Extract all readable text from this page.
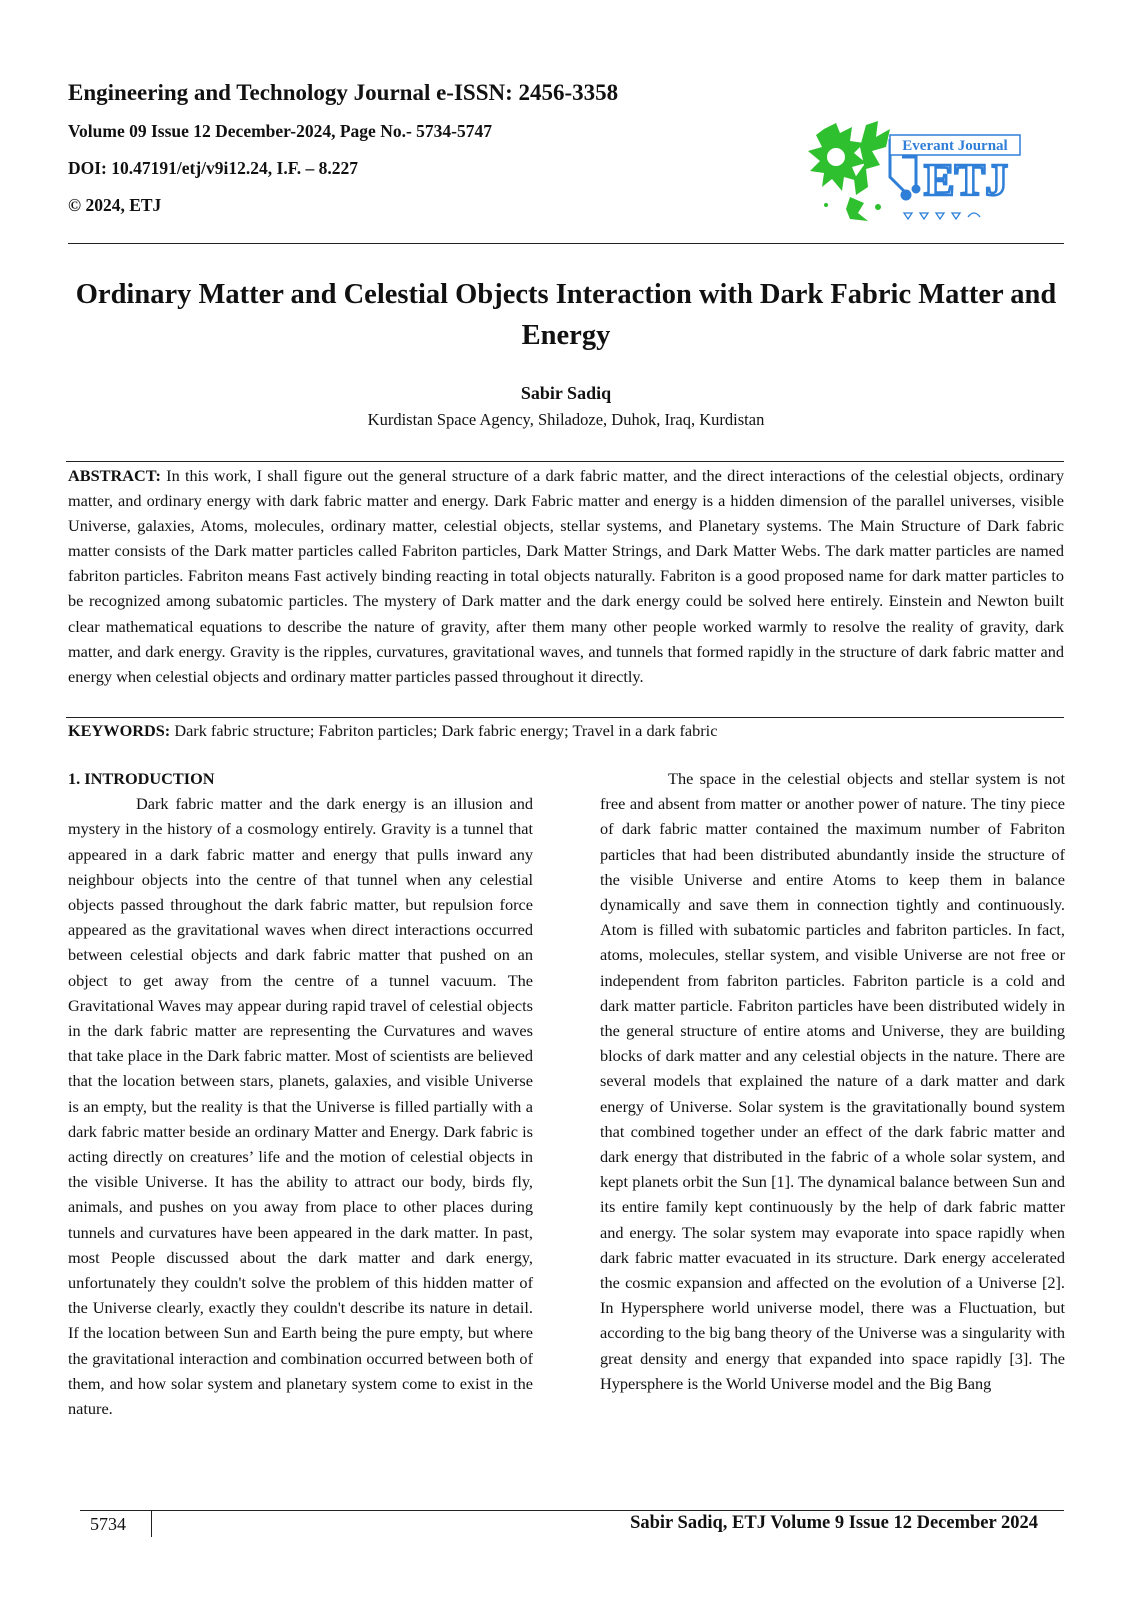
Engineering and Technology Journal e-ISSN: 2456-3358
Volume 09 Issue 12 December-2024, Page No.- 5734-5747
DOI: 10.47191/etj/v9i12.24, I.F. – 8.227
© 2024, ETJ
Everant Journal
ETJ
Ordinary Matter and Celestial Objects Interaction with Dark Fabric Matter and Energy
Sabir Sadiq
Kurdistan Space Agency, Shiladoze, Duhok, Iraq, Kurdistan
ABSTRACT: In this work, I shall figure out the general structure of a dark fabric matter, and the direct interactions of the celestial objects, ordinary matter, and ordinary energy with dark fabric matter and energy. Dark Fabric matter and energy is a hidden dimension of the parallel universes, visible Universe, galaxies, Atoms, molecules, ordinary matter, celestial objects, stellar systems, and Planetary systems. The Main Structure of Dark fabric matter consists of the Dark matter particles called Fabriton particles, Dark Matter Strings, and Dark Matter Webs. The dark matter particles are named fabriton particles. Fabriton means Fast actively binding reacting in total objects naturally. Fabriton is a good proposed name for dark matter particles to be recognized among subatomic particles. The mystery of Dark matter and the dark energy could be solved here entirely. Einstein and Newton built clear mathematical equations to describe the nature of gravity, after them many other people worked warmly to resolve the reality of gravity, dark matter, and dark energy. Gravity is the ripples, curvatures, gravitational waves, and tunnels that formed rapidly in the structure of dark fabric matter and energy when celestial objects and ordinary matter particles passed throughout it directly.
KEYWORDS: Dark fabric structure; Fabriton particles; Dark fabric energy; Travel in a dark fabric
1. INTRODUCTION

Dark fabric matter and the dark energy is an illusion and mystery in the history of a cosmology entirely. Gravity is a tunnel that appeared in a dark fabric matter and energy that pulls inward any neighbour objects into the centre of that tunnel when any celestial objects passed throughout the dark fabric matter, but repulsion force appeared as the gravitational waves when direct interactions occurred between celestial objects and dark fabric matter that pushed on an object to get away from the centre of a tunnel vacuum. The Gravitational Waves may appear during rapid travel of celestial objects in the dark fabric matter are representing the Curvatures and waves that take place in the Dark fabric matter. Most of scientists are believed that the location between stars, planets, galaxies, and visible Universe is an empty, but the reality is that the Universe is filled partially with a dark fabric matter beside an ordinary Matter and Energy. Dark fabric is acting directly on creatures’ life and the motion of celestial objects in the visible Universe. It has the ability to attract our body, birds fly, animals, and pushes on you away from place to other places during tunnels and curvatures have been appeared in the dark matter. In past, most People discussed about the dark matter and dark energy, unfortunately they couldn't solve the problem of this hidden matter of the Universe clearly, exactly they couldn't describe its nature in detail. If the location between Sun and Earth being the pure empty, but where the gravitational interaction and combination occurred between both of them, and how solar system and planetary system come to exist in the nature.

The space in the celestial objects and stellar system is not free and absent from matter or another power of nature. The tiny piece of dark fabric matter contained the maximum number of Fabriton particles that had been distributed abundantly inside the structure of the visible Universe and entire Atoms to keep them in balance dynamically and save them in connection tightly and continuously. Atom is filled with subatomic particles and fabriton particles. In fact, atoms, molecules, stellar system, and visible Universe are not free or independent from fabriton particles. Fabriton particle is a cold and dark matter particle. Fabriton particles have been distributed widely in the general structure of entire atoms and Universe, they are building blocks of dark matter and any celestial objects in the nature. There are several models that explained the nature of a dark matter and dark energy of Universe. Solar system is the gravitationally bound system that combined together under an effect of the dark fabric matter and dark energy that distributed in the fabric of a whole solar system, and kept planets orbit the Sun [1]. The dynamical balance between Sun and its entire family kept continuously by the help of dark fabric matter and energy. The solar system may evaporate into space rapidly when dark fabric matter evacuated in its structure. Dark energy accelerated the cosmic expansion and affected on the evolution of a Universe [2]. In Hypersphere world universe model, there was a Fluctuation, but according to the big bang theory of the Universe was a singularity with great density and energy that expanded into space rapidly [3]. The Hypersphere is the World Universe model and the Big Bang

5734	Sabir Sadiq, ETJ Volume 9 Issue 12 December 2024
